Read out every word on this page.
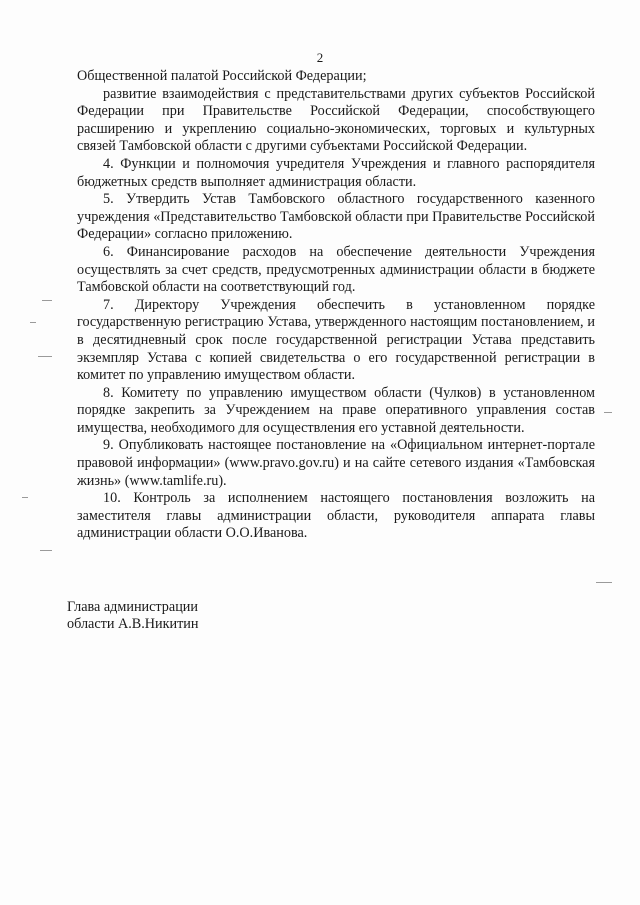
2

Общественной палатой Российской Федерации;

развитие взаимодействия с представительствами других субъектов Российской Федерации при Правительстве Российской Федерации, способствующего расширению и укреплению социально-экономических, торговых и культурных связей Тамбовской области с другими субъектами Российской Федерации.

4. Функции и полномочия учредителя Учреждения и главного распорядителя бюджетных средств выполняет администрация области.

5. Утвердить Устав Тамбовского областного государственного казенного учреждения «Представительство Тамбовской области при Правительстве Российской Федерации» согласно приложению.

6. Финансирование расходов на обеспечение деятельности Учреждения осуществлять за счет средств, предусмотренных администрации области в бюджете Тамбовской области на соответствующий год.

7. Директору Учреждения обеспечить в установленном порядке государственную регистрацию Устава, утвержденного настоящим постановлением, и в десятидневный срок после государственной регистрации Устава представить экземпляр Устава с копией свидетельства о его государственной регистрации в комитет по управлению имуществом области.

8. Комитету по управлению имуществом области (Чулков) в установленном порядке закрепить за Учреждением на праве оперативного управления состав имущества, необходимого для осуществления его уставной деятельности.

9. Опубликовать настоящее постановление на «Официальном интернет-портале правовой информации» (www.pravo.gov.ru) и на сайте сетевого издания «Тамбовская жизнь» (www.tamlife.ru).

10. Контроль за исполнением настоящего постановления возложить на заместителя главы администрации области, руководителя аппарата главы администрации области О.О.Иванова.

Глава администрации
области А.В.Никитин
